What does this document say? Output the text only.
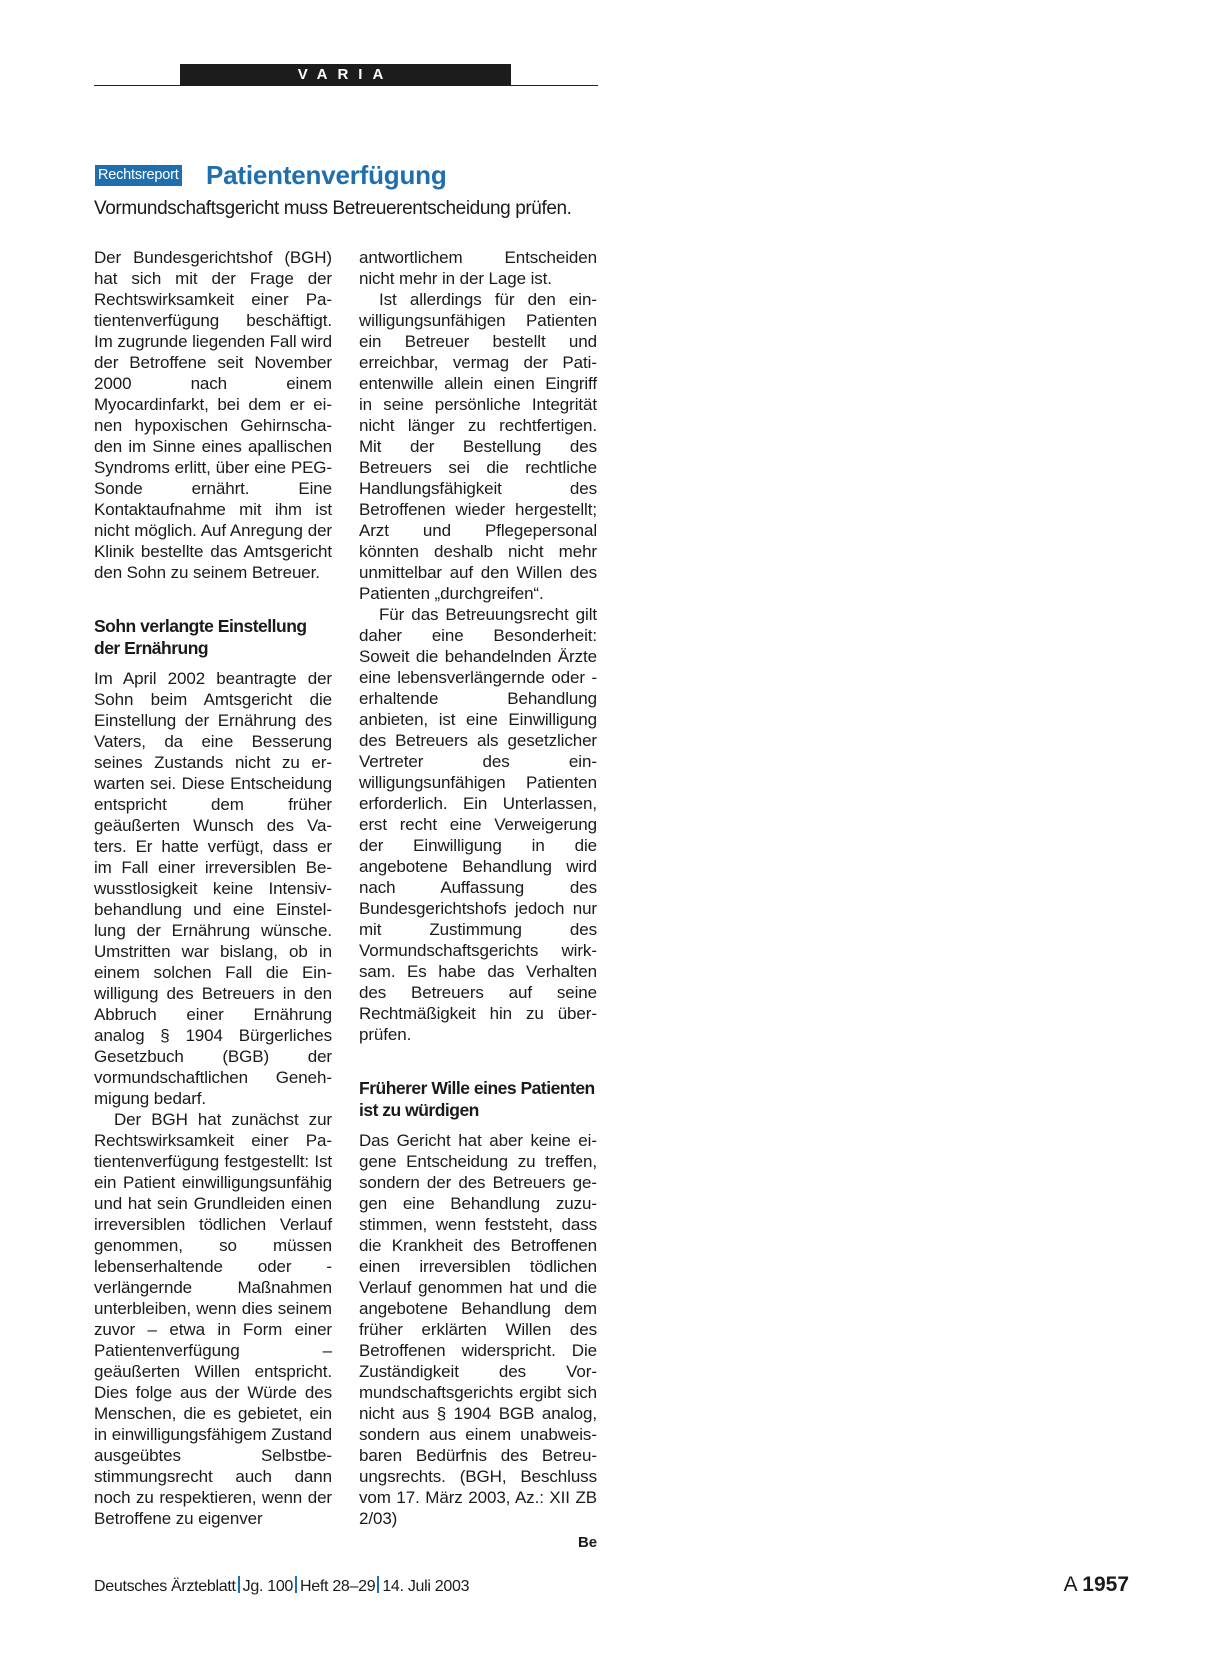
VARIA
Rechtsreport Patientenverfügung
Vormundschaftsgericht muss Betreuerentscheidung prüfen.

Der Bundesgerichtshof (BGH) hat sich mit der Frage der Rechtswirksamkeit einer Patientenverfügung beschäftigt. Im zugrunde liegenden Fall wird der Betroffene seit November 2000 nach einem Myocardinfarkt, bei dem er einen hypoxischen Gehirnschaden im Sinne eines apallischen Syndroms erlitt, über eine PEG-Sonde ernährt. Eine Kontaktaufnahme mit ihm ist nicht möglich. Auf Anregung der Klinik bestellte das Amtsgericht den Sohn zu seinem Betreuer.

Sohn verlangte Einstellung der Ernährung

Im April 2002 beantragte der Sohn beim Amtsgericht die Einstellung der Ernährung des Vaters, da eine Besserung seines Zustands nicht zu erwarten sei. Diese Entscheidung entspricht dem früher geäußerten Wunsch des Vaters. Er hatte verfügt, dass er im Fall einer irreversiblen Bewusstlosigkeit keine Intensivbehandlung und eine Einstellung der Ernährung wünsche. Umstritten war bislang, ob in einem solchen Fall die Einwilligung des Betreuers in den Abbruch einer Ernährung analog § 1904 Bürgerliches Gesetzbuch (BGB) der vormundschaftlichen Genehmigung bedarf.

Der BGH hat zunächst zur Rechtswirksamkeit einer Patientenverfügung festgestellt: Ist ein Patient einwilligungsunfähig und hat sein Grundleiden einen irreversiblen tödlichen Verlauf genommen, so müssen lebenserhaltende oder -verlängernde Maßnahmen unterbleiben, wenn dies seinem zuvor – etwa in Form einer Patientenverfügung – geäußerten Willen entspricht. Dies folge aus der Würde des Menschen, die es gebietet, ein in einwilligungsfähigem Zustand ausgeübtes Selbstbestimmungsrecht auch dann noch zu respektieren, wenn der Betroffene zu eigenver

antwortlichem Entscheiden nicht mehr in der Lage ist.

Ist allerdings für den einwilligungsunfähigen Patienten ein Betreuer bestellt und erreichbar, vermag der Patientenwille allein einen Eingriff in seine persönliche Integrität nicht länger zu rechtfertigen. Mit der Bestellung des Betreuers sei die rechtliche Handlungsfähigkeit des Betroffenen wieder hergestellt; Arzt und Pflegepersonal könnten deshalb nicht mehr unmittelbar auf den Willen des Patienten „durchgreifen“.

Für das Betreuungsrecht gilt daher eine Besonderheit: Soweit die behandelnden Ärzte eine lebensverlängernde oder -erhaltende Behandlung anbieten, ist eine Einwilligung des Betreuers als gesetzlicher Vertreter des einwilligungsunfähigen Patienten erforderlich. Ein Unterlassen, erst recht eine Verweigerung der Einwilligung in die angebotene Behandlung wird nach Auffassung des Bundesgerichtshofs jedoch nur mit Zustimmung des Vormundschaftsgerichts wirksam. Es habe das Verhalten des Betreuers auf seine Rechtmäßigkeit hin zu überprüfen.

Früherer Wille eines Patienten ist zu würdigen

Das Gericht hat aber keine eigene Entscheidung zu treffen, sondern der des Betreuers gegen eine Behandlung zuzustimmen, wenn feststeht, dass die Krankheit des Betroffenen einen irreversiblen tödlichen Verlauf genommen hat und die angebotene Behandlung dem früher erklärten Willen des Betroffenen widerspricht. Die Zuständigkeit des Vormundschaftsgerichts ergibt sich nicht aus § 1904 BGB analog, sondern aus einem unabweisbaren Bedürfnis des Betreuungsrechts. (BGH, Beschluss vom 17. März 2003, Az.: XII ZB 2/03)

Be
Deutsches Ärzteblatt Jg. 100 Heft 28–29 14. Juli 2003	A 1957
